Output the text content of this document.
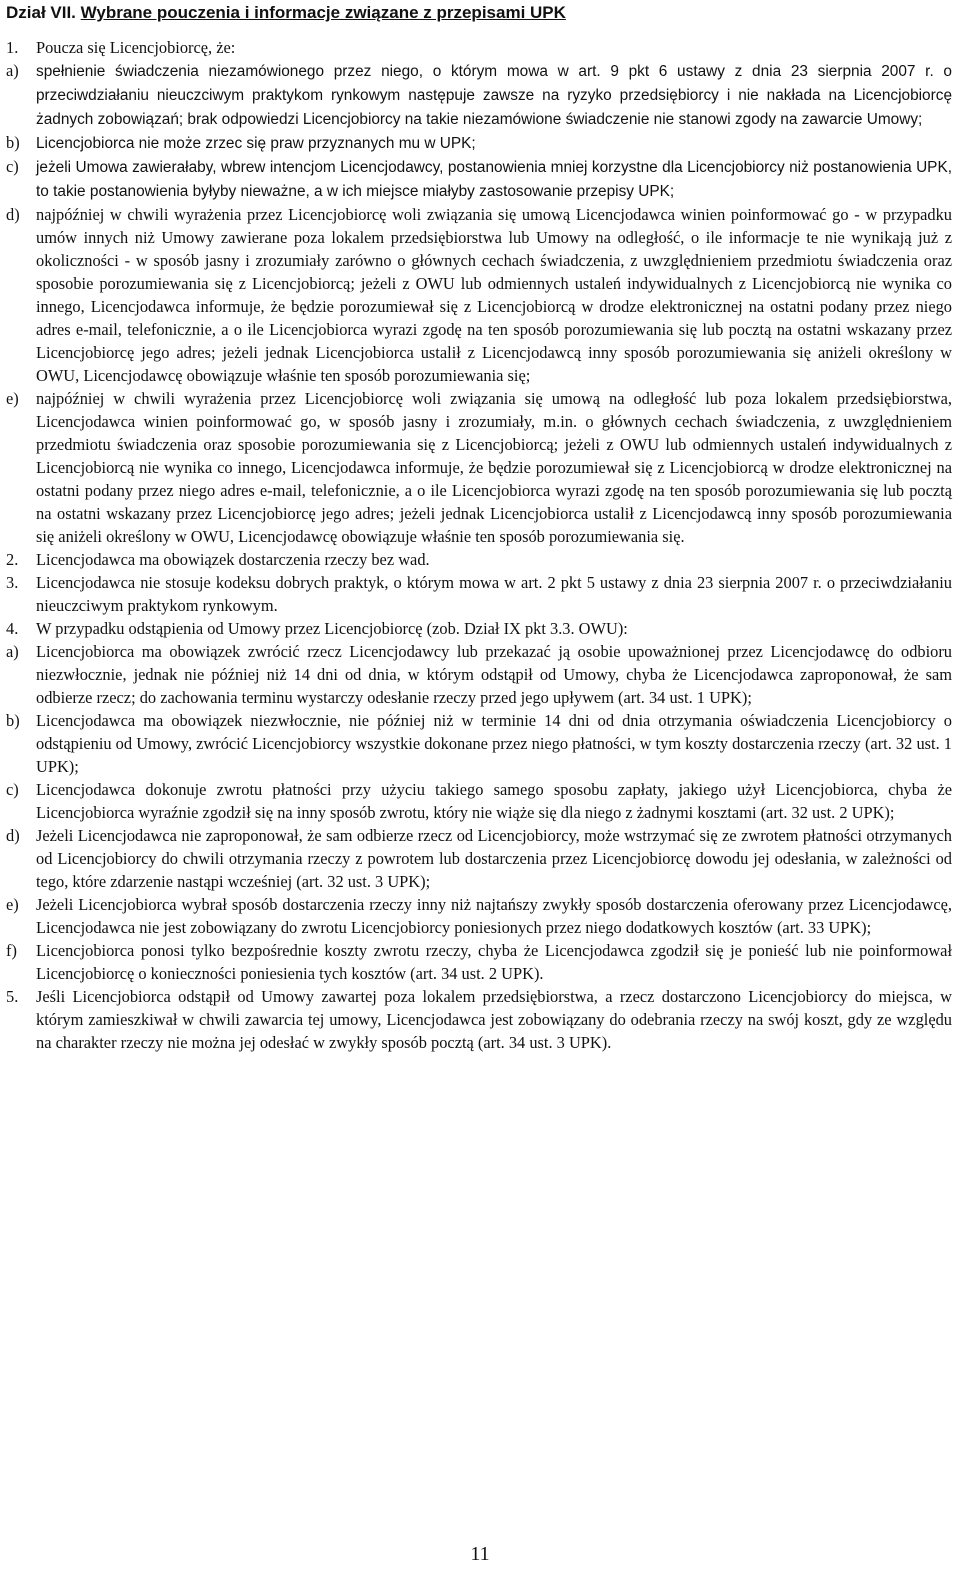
Dział VII. Wybrane pouczenia i informacje związane z przepisami UPK

1. Poucza się Licencjobiorcę, że:

a) spełnienie świadczenia niezamówionego przez niego, o którym mowa w art. 9 pkt 6 ustawy z dnia 23 sierpnia 2007 r. o przeciwdziałaniu nieuczciwym praktykom rynkowym następuje zawsze na ryzyko przedsiębiorcy i nie nakłada na Licencjobiorcę żadnych zobowiązań; brak odpowiedzi Licencjobiorcy na takie niezamówione świadczenie nie stanowi zgody na zawarcie Umowy;

b) Licencjobiorca nie może zrzec się praw przyznanych mu w UPK;

c) jeżeli Umowa zawierałaby, wbrew intencjom Licencjodawcy, postanowienia mniej korzystne dla Licencjobiorcy niż postanowienia UPK, to takie postanowienia byłyby nieważne, a w ich miejsce miałyby zastosowanie przepisy UPK;

d) najpóźniej w chwili wyrażenia przez Licencjobiorcę woli związania się umową Licencjodawca winien poinformować go - w przypadku umów innych niż Umowy zawierane poza lokalem przedsiębiorstwa lub Umowy na odległość, o ile informacje te nie wynikają już z okoliczności - w sposób jasny i zrozumiały zarówno o głównych cechach świadczenia, z uwzględnieniem przedmiotu świadczenia oraz sposobie porozumiewania się z Licencjobiorcą; jeżeli z OWU lub odmiennych ustaleń indywidualnych z Licencjobiorcą nie wynika co innego, Licencjodawca informuje, że będzie porozumiewał się z Licencjobiorcą w drodze elektronicznej na ostatni podany przez niego adres e-mail, telefonicznie, a o ile Licencjobiorca wyrazi zgodę na ten sposób porozumiewania się lub pocztą na ostatni wskazany przez Licencjobiorcę jego adres; jeżeli jednak Licencjobiorca ustalił z Licencjodawcą inny sposób porozumiewania się aniżeli określony w OWU, Licencjodawcę obowiązuje właśnie ten sposób porozumiewania się;

e) najpóźniej w chwili wyrażenia przez Licencjobiorcę woli związania się umową na odległość lub poza lokalem przedsiębiorstwa, Licencjodawca winien poinformować go, w sposób jasny i zrozumiały, m.in. o głównych cechach świadczenia, z uwzględnieniem przedmiotu świadczenia oraz sposobie porozumiewania się z Licencjobiorcą; jeżeli z OWU lub odmiennych ustaleń indywidualnych z Licencjobiorcą nie wynika co innego, Licencjodawca informuje, że będzie porozumiewał się z Licencjobiorcą w drodze elektronicznej na ostatni podany przez niego adres e-mail, telefonicznie, a o ile Licencjobiorca wyrazi zgodę na ten sposób porozumiewania się lub pocztą na ostatni wskazany przez Licencjobiorcę jego adres; jeżeli jednak Licencjobiorca ustalił z Licencjodawcą inny sposób porozumiewania się aniżeli określony w OWU, Licencjodawcę obowiązuje właśnie ten sposób porozumiewania się.

2. Licencjodawca ma obowiązek dostarczenia rzeczy bez wad.

3. Licencjodawca nie stosuje kodeksu dobrych praktyk, o którym mowa w art. 2 pkt 5 ustawy z dnia 23 sierpnia 2007 r. o przeciwdziałaniu nieuczciwym praktykom rynkowym.

4. W przypadku odstąpienia od Umowy przez Licencjobiorcę (zob. Dział IX pkt 3.3. OWU):

a) Licencjobiorca ma obowiązek zwrócić rzecz Licencjodawcy lub przekazać ją osobie upoważnionej przez Licencjodawcę do odbioru niezwłocznie, jednak nie później niż 14 dni od dnia, w którym odstąpił od Umowy, chyba że Licencjodawca zaproponował, że sam odbierze rzecz; do zachowania terminu wystarczy odesłanie rzeczy przed jego upływem (art. 34 ust. 1 UPK);

b) Licencjodawca ma obowiązek niezwłocznie, nie później niż w terminie 14 dni od dnia otrzymania oświadczenia Licencjobiorcy o odstąpieniu od Umowy, zwrócić Licencjobiorcy wszystkie dokonane przez niego płatności, w tym koszty dostarczenia rzeczy (art. 32 ust. 1 UPK);

c) Licencjodawca dokonuje zwrotu płatności przy użyciu takiego samego sposobu zapłaty, jakiego użył Licencjobiorca, chyba że Licencjobiorca wyraźnie zgodził się na inny sposób zwrotu, który nie wiąże się dla niego z żadnymi kosztami (art. 32 ust. 2 UPK);

d) Jeżeli Licencjodawca nie zaproponował, że sam odbierze rzecz od Licencjobiorcy, może wstrzymać się ze zwrotem płatności otrzymanych od Licencjobiorcy do chwili otrzymania rzeczy z powrotem lub dostarczenia przez Licencjobiorcę dowodu jej odesłania, w zależności od tego, które zdarzenie nastąpi wcześniej (art. 32 ust. 3 UPK);

e) Jeżeli Licencjobiorca wybrał sposób dostarczenia rzeczy inny niż najtańszy zwykły sposób dostarczenia oferowany przez Licencjodawcę, Licencjodawca nie jest zobowiązany do zwrotu Licencjobiorcy poniesionych przez niego dodatkowych kosztów (art. 33 UPK);

f) Licencjobiorca ponosi tylko bezpośrednie koszty zwrotu rzeczy, chyba że Licencjodawca zgodził się je ponieść lub nie poinformował Licencjobiorcę o konieczności poniesienia tych kosztów (art. 34 ust. 2 UPK).

5. Jeśli Licencjobiorca odstąpił od Umowy zawartej poza lokalem przedsiębiorstwa, a rzecz dostarczono Licencjobiorcy do miejsca, w którym zamieszkiwał w chwili zawarcia tej umowy, Licencjodawca jest zobowiązany do odebrania rzeczy na swój koszt, gdy ze względu na charakter rzeczy nie można jej odesłać w zwykły sposób pocztą (art. 34 ust. 3 UPK).

11
